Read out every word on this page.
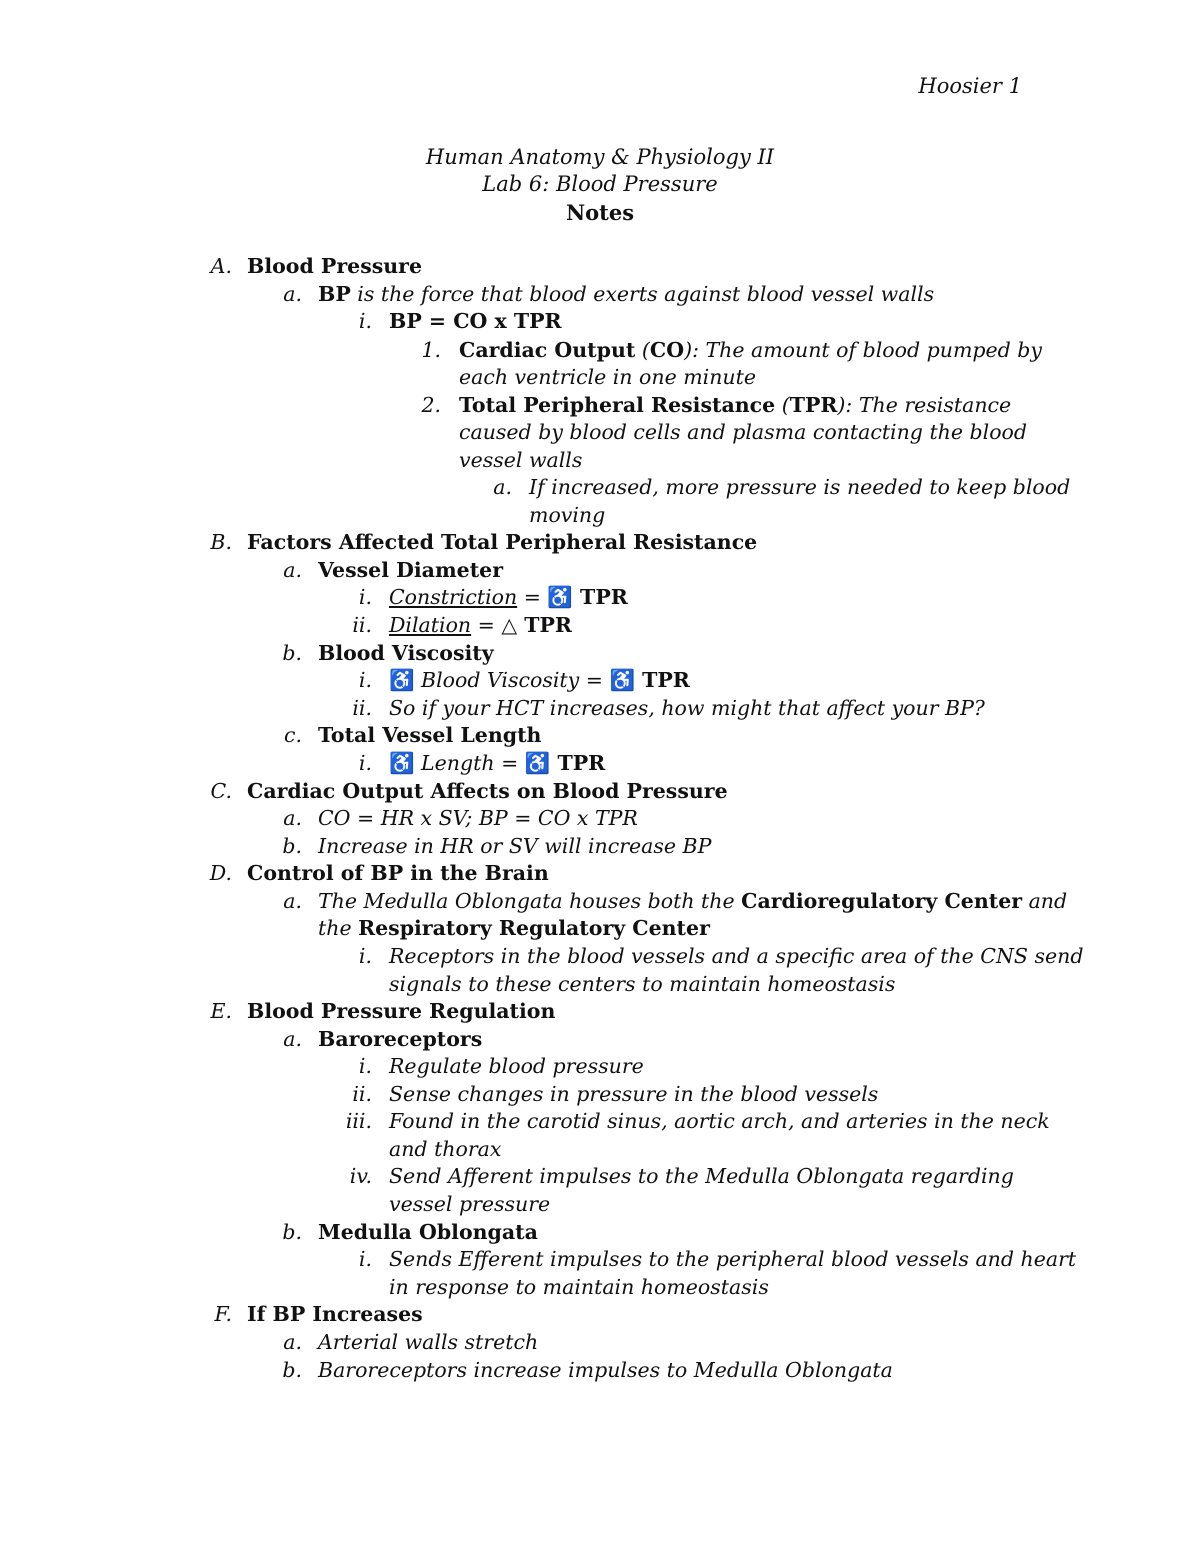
Hoosier 1
Human Anatomy & Physiology II
Lab 6: Blood Pressure
Notes
A. Blood Pressure
a. BP is the force that blood exerts against blood vessel walls
i. BP = CO x TPR
1. Cardiac Output (CO): The amount of blood pumped by
each ventricle in one minute
2. Total Peripheral Resistance (TPR): The resistance
caused by blood cells and plasma contacting the blood
vessel walls
a. If increased, more pressure is needed to keep blood
moving
B. Factors Affected Total Peripheral Resistance
a. Vessel Diameter
i. Constriction = ♿ TPR
ii. Dilation = △ TPR
b. Blood Viscosity
i. ♿ Blood Viscosity = ♿ TPR
ii. So if your HCT increases, how might that affect your BP?
c. Total Vessel Length
i. ♿ Length = ♿ TPR
C. Cardiac Output Affects on Blood Pressure
a. CO = HR x SV; BP = CO x TPR
b. Increase in HR or SV will increase BP
D. Control of BP in the Brain
a. The Medulla Oblongata houses both the Cardioregulatory Center and
the Respiratory Regulatory Center
i. Receptors in the blood vessels and a specific area of the CNS send
signals to these centers to maintain homeostasis
E. Blood Pressure Regulation
a. Baroreceptors
i. Regulate blood pressure
ii. Sense changes in pressure in the blood vessels
iii. Found in the carotid sinus, aortic arch, and arteries in the neck
and thorax
iv. Send Afferent impulses to the Medulla Oblongata regarding
vessel pressure
b. Medulla Oblongata
i. Sends Efferent impulses to the peripheral blood vessels and heart
in response to maintain homeostasis
F. If BP Increases
a. Arterial walls stretch
b. Baroreceptors increase impulses to Medulla Oblongata
